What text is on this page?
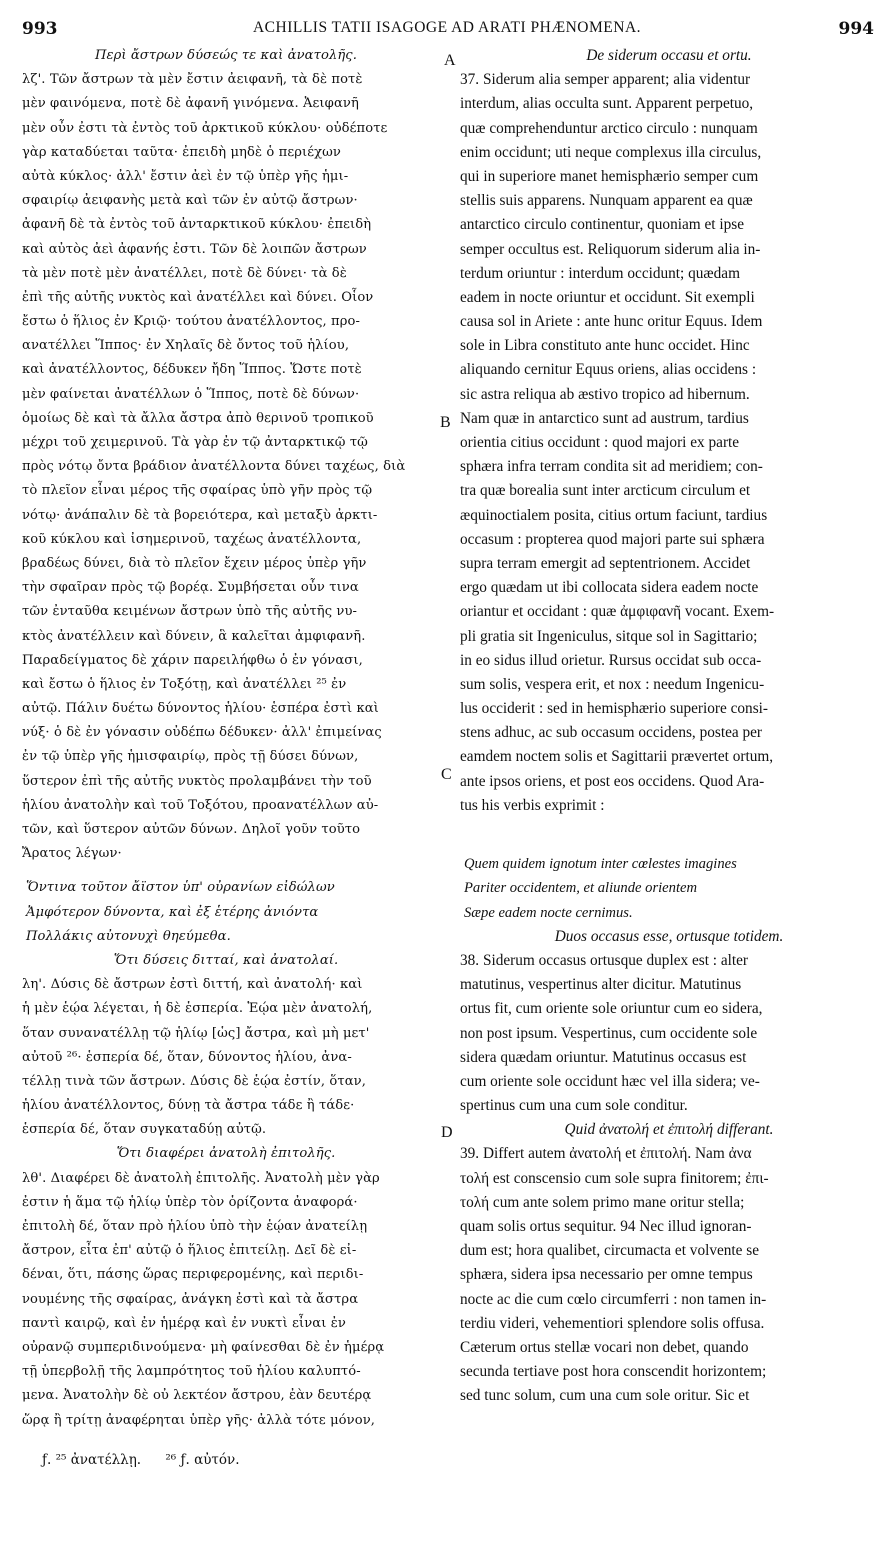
993	ACHILLIS TATII ISAGOGE AD ARATI PHÆNOMENA.	994
A
B
C
D
Περὶ ἄστρων δύσεώς τε καὶ ἀνατολῆς.
λζ'. Τῶν ἄστρων τὰ μὲν ἔστιν ἀειφανῆ, τὰ δὲ ποτὲ
μὲν φαινόμενα, ποτὲ δὲ ἀφανῆ γινόμενα. Ἀειφανῆ
μὲν οὖν ἐστι τὰ ἐντὸς τοῦ ἀρκτικοῦ κύκλου· οὐδέποτε
γὰρ καταδύεται ταῦτα· ἐπειδὴ μηδὲ ὁ περιέχων
αὐτὰ κύκλος· ἀλλ' ἔστιν ἀεὶ ἐν τῷ ὑπὲρ γῆς ἡμι-
σφαιρίῳ ἀειφανὴς μετὰ καὶ τῶν ἐν αὐτῷ ἄστρων·
ἀφανῆ δὲ τὰ ἐντὸς τοῦ ἀνταρκτικοῦ κύκλου· ἐπειδὴ
καὶ αὐτὸς ἀεὶ ἀφανής ἐστι. Τῶν δὲ λοιπῶν ἄστρων
τὰ μὲν ποτὲ μὲν ἀνατέλλει, ποτὲ δὲ δύνει· τὰ δὲ
ἐπὶ τῆς αὐτῆς νυκτὸς καὶ ἀνατέλλει καὶ δύνει. Οἷον
ἔστω ὁ ἥλιος ἐν Κριῷ· τούτου ἀνατέλλοντος, προ-
ανατέλλει Ἵππος· ἐν Χηλαῖς δὲ ὄντος τοῦ ἡλίου,
καὶ ἀνατέλλοντος, δέδυκεν ἤδη Ἵππος. Ὥστε ποτὲ
μὲν φαίνεται ἀνατέλλων ὁ Ἵππος, ποτὲ δὲ δύνων·
ὁμοίως δὲ καὶ τὰ ἄλλα ἄστρα ἀπὸ θερινοῦ τροπικοῦ
μέχρι τοῦ χειμερινοῦ. Τὰ γὰρ ἐν τῷ ἀνταρκτικῷ τῷ
πρὸς νότῳ ὄντα βράδιον ἀνατέλλοντα δύνει ταχέως, διὰ
τὸ πλεῖον εἶναι μέρος τῆς σφαίρας ὑπὸ γῆν πρὸς τῷ
νότῳ· ἀνάπαλιν δὲ τὰ βορειότερα, καὶ μεταξὺ ἀρκτι-
κοῦ κύκλου καὶ ἰσημερινοῦ, ταχέως ἀνατέλλοντα,
βραδέως δύνει, διὰ τὸ πλεῖον ἔχειν μέρος ὑπὲρ γῆν
τὴν σφαῖραν πρὸς τῷ βορέᾳ. Συμβήσεται οὖν τινα
τῶν ἐνταῦθα κειμένων ἄστρων ὑπὸ τῆς αὐτῆς νυ-
κτὸς ἀνατέλλειν καὶ δύνειν, ἃ καλεῖται ἀμφιφανῆ.
Παραδείγματος δὲ χάριν παρειλήφθω ὁ ἐν γόνασι,
καὶ ἔστω ὁ ἥλιος ἐν Τοξότῃ, καὶ ἀνατέλλει ²⁵ ἐν
αὐτῷ. Πάλιν δυέτω δύνοντος ἡλίου· ἑσπέρα ἐστὶ καὶ
νύξ· ὁ δὲ ἐν γόνασιν οὐδέπω δέδυκεν· ἀλλ' ἐπιμείνας
ἐν τῷ ὑπὲρ γῆς ἡμισφαιρίῳ, πρὸς τῇ δύσει δύνων,
ὕστερον ἐπὶ τῆς αὐτῆς νυκτὸς προλαμβάνει τὴν τοῦ
ἡλίου ἀνατολὴν καὶ τοῦ Τοξότου, προανατέλλων αὐ-
τῶν, καὶ ὕστερον αὐτῶν δύνων. Δηλοῖ γοῦν τοῦτο
Ἄρατος λέγων·
Ὅντινα τοῦτον ἄϊστον ὑπ' οὐρανίων εἰδώλων
Ἀμφότερον δύνοντα, καὶ ἐξ ἑτέρης ἀνιόντα
Πολλάκις αὐτονυχὶ θηεύμεθα.
Ὅτι δύσεις διτταί, καὶ ἀνατολαί.
λη'. Δύσις δὲ ἄστρων ἐστὶ διττή, καὶ ἀνατολή· καὶ
ἡ μὲν ἑῴα λέγεται, ἡ δὲ ἑσπερία. Ἑῴα μὲν ἀνατολή,
ὅταν συνανατέλλῃ τῷ ἡλίῳ [ὡς] ἄστρα, καὶ μὴ μετ'
αὐτοῦ ²⁶· ἑσπερία δέ, ὅταν, δύνοντος ἡλίου, ἀνα-
τέλλῃ τινὰ τῶν ἄστρων. Δύσις δὲ ἑῴα ἐστίν, ὅταν,
ἡλίου ἀνατέλλοντος, δύνῃ τὰ ἄστρα τάδε ἢ τάδε·
ἑσπερία δέ, ὅταν συγκαταδύῃ αὐτῷ.
Ὅτι διαφέρει ἀνατολὴ ἐπιτολῆς.
λθ'. Διαφέρει δὲ ἀνατολὴ ἐπιτολῆς. Ἀνατολὴ μὲν γὰρ
ἐστιν ἡ ἅμα τῷ ἡλίῳ ὑπὲρ τὸν ὁρίζοντα ἀναφορά·
ἐπιτολὴ δέ, ὅταν πρὸ ἡλίου ὑπὸ τὴν ἑῴαν ἀνατείλῃ
ἄστρον, εἶτα ἐπ' αὐτῷ ὁ ἥλιος ἐπιτείλῃ. Δεῖ δὲ εἰ-
δέναι, ὅτι, πάσης ὥρας περιφερομένης, καὶ περιδι-
νουμένης τῆς σφαίρας, ἀνάγκη ἐστὶ καὶ τὰ ἄστρα
παντὶ καιρῷ, καὶ ἐν ἡμέρᾳ καὶ ἐν νυκτὶ εἶναι ἐν
οὐρανῷ συμπεριδινούμενα· μὴ φαίνεσθαι δὲ ἐν ἡμέρᾳ
τῇ ὑπερβολῇ τῆς λαμπρότητος τοῦ ἡλίου καλυπτό-
μενα. Ἀνατολὴν δὲ οὐ λεκτέον ἄστρου, ἐὰν δευτέρᾳ
ὥρᾳ ἢ τρίτῃ ἀναφέρηται ὑπὲρ γῆς· ἀλλὰ τότε μόνον,
De siderum occasu et ortu.
37. Siderum alia semper apparent; alia videntur
interdum, alias occulta sunt. Apparent perpetuo,
quæ comprehenduntur arctico circulo : nunquam
enim occidunt; uti neque complexus illa circulus,
qui in superiore manet hemisphærio semper cum
stellis suis apparens. Nunquam apparent ea quæ
antarctico circulo continentur, quoniam et ipse
semper occultus est. Reliquorum siderum alia in-
terdum oriuntur : interdum occidunt; quædam
eadem in nocte oriuntur et occidunt. Sit exempli
causa sol in Ariete : ante hunc oritur Equus. Idem
sole in Libra constituto ante hunc occidet. Hinc
aliquando cernitur Equus oriens, alias occidens :
sic astra reliqua ab æstivo tropico ad hibernum.
Nam quæ in antarctico sunt ad austrum, tardius
orientia citius occidunt : quod majori ex parte
sphæra infra terram condita sit ad meridiem; con-
tra quæ borealia sunt inter arcticum circulum et
æquinoctialem posita, citius ortum faciunt, tardius
occasum : propterea quod majori parte sui sphæra
supra terram emergit ad septentrionem. Accidet
ergo quædam ut ibi collocata sidera eadem nocte
oriantur et occidant : quæ ἀμφιφανῆ vocant. Exem-
pli gratia sit Ingeniculus, sitque sol in Sagittario;
in eo sidus illud orietur. Rursus occidat sub occa-
sum solis, vespera erit, et nox : needum Ingenicu-
lus occiderit : sed in hemisphærio superiore consi-
stens adhuc, ac sub occasum occidens, postea per
eamdem noctem solis et Sagittarii prævertet ortum,
ante ipsos oriens, et post eos occidens. Quod Ara-
tus his verbis exprimit :
Quem quidem ignotum inter cœlestes imagines
Pariter occidentem, et aliunde orientem
Sæpe eadem nocte cernimus.
Duos occasus esse, ortusque totidem.
38. Siderum occasus ortusque duplex est : alter
matutinus, vespertinus alter dicitur. Matutinus
ortus fit, cum oriente sole oriuntur cum eo sidera,
non post ipsum. Vespertinus, cum occidente sole
sidera quædam oriuntur. Matutinus occasus est
cum oriente sole occidunt hæc vel illa sidera; ve-
spertinus cum una cum sole conditur.
Quid ἀνατολή et ἐπιτολή differant.
39. Differt autem ἀνατολή et ἐπιτολή. Nam ἀνα
τολή est conscensio cum sole supra finitorem; ἐπι-
τολή cum ante solem primo mane oritur stella;
quam solis ortus sequitur. 94 Nec illud ignoran-
dum est; hora qualibet, circumacta et volvente se
sphæra, sidera ipsa necessario per omne tempus
nocte ac die cum cœlo circumferri : non tamen in-
terdiu videri, vehementiori splendore solis offusa.
Cæterum ortus stellæ vocari non debet, quando
secunda tertiave post hora conscendit horizontem;
sed tunc solum, cum una cum sole oritur. Sic et
ƒ. ²⁵ ἀνατέλλῃ. ²⁶ ƒ. αὐτόν.
